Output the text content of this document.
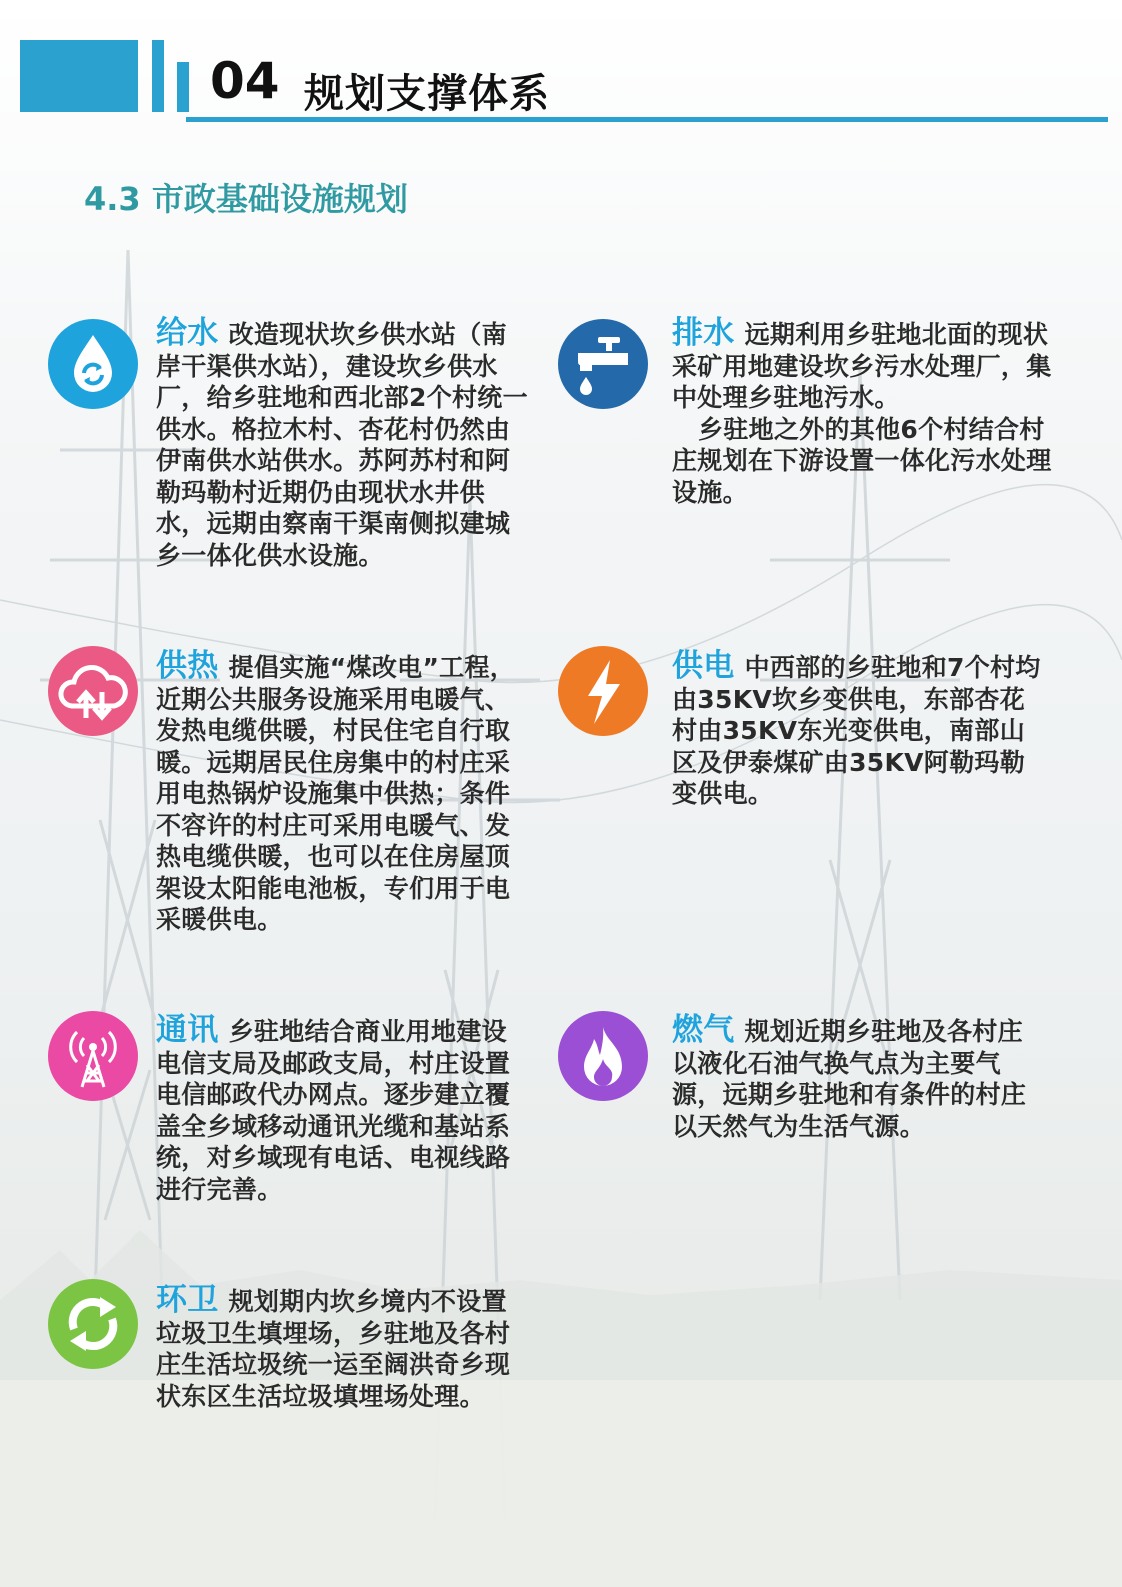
04 规划支撑体系
4.3 市政基础设施规划

给水 改造现状坎乡供水站（南岸干渠供水站），建设坎乡供水厂，给乡驻地和西北部2个村统一供水。格拉木村、杏花村仍然由伊南供水站供水。苏阿苏村和阿勒玛勒村近期仍由现状水井供水，远期由察南干渠南侧拟建城乡一体化供水设施。

排水 远期利用乡驻地北面的现状采矿用地建设坎乡污水处理厂，集中处理乡驻地污水。

乡驻地之外的其他6个村结合村庄规划在下游设置一体化污水处理设施。

供热 提倡实施“煤改电”工程，近期公共服务设施采用电暖气、发热电缆供暖，村民住宅自行取暖。远期居民住房集中的村庄采用电热锅炉设施集中供热；条件不容许的村庄可采用电暖气、发热电缆供暖，也可以在住房屋顶架设太阳能电池板，专们用于电采暖供电。

供电 中西部的乡驻地和7个村均由35KV坎乡变供电，东部杏花村由35KV东光变供电，南部山区及伊泰煤矿由35KV阿勒玛勒变供电。

通讯 乡驻地结合商业用地建设电信支局及邮政支局，村庄设置电信邮政代办网点。逐步建立覆盖全乡域移动通讯光缆和基站系统，对乡域现有电话、电视线路进行完善。

燃气 规划近期乡驻地及各村庄以液化石油气换气点为主要气源，远期乡驻地和有条件的村庄以天然气为生活气源。

环卫 规划期内坎乡境内不设置垃圾卫生填埋场，乡驻地及各村庄生活垃圾统一运至阔洪奇乡现状东区生活垃圾填埋场处理。
